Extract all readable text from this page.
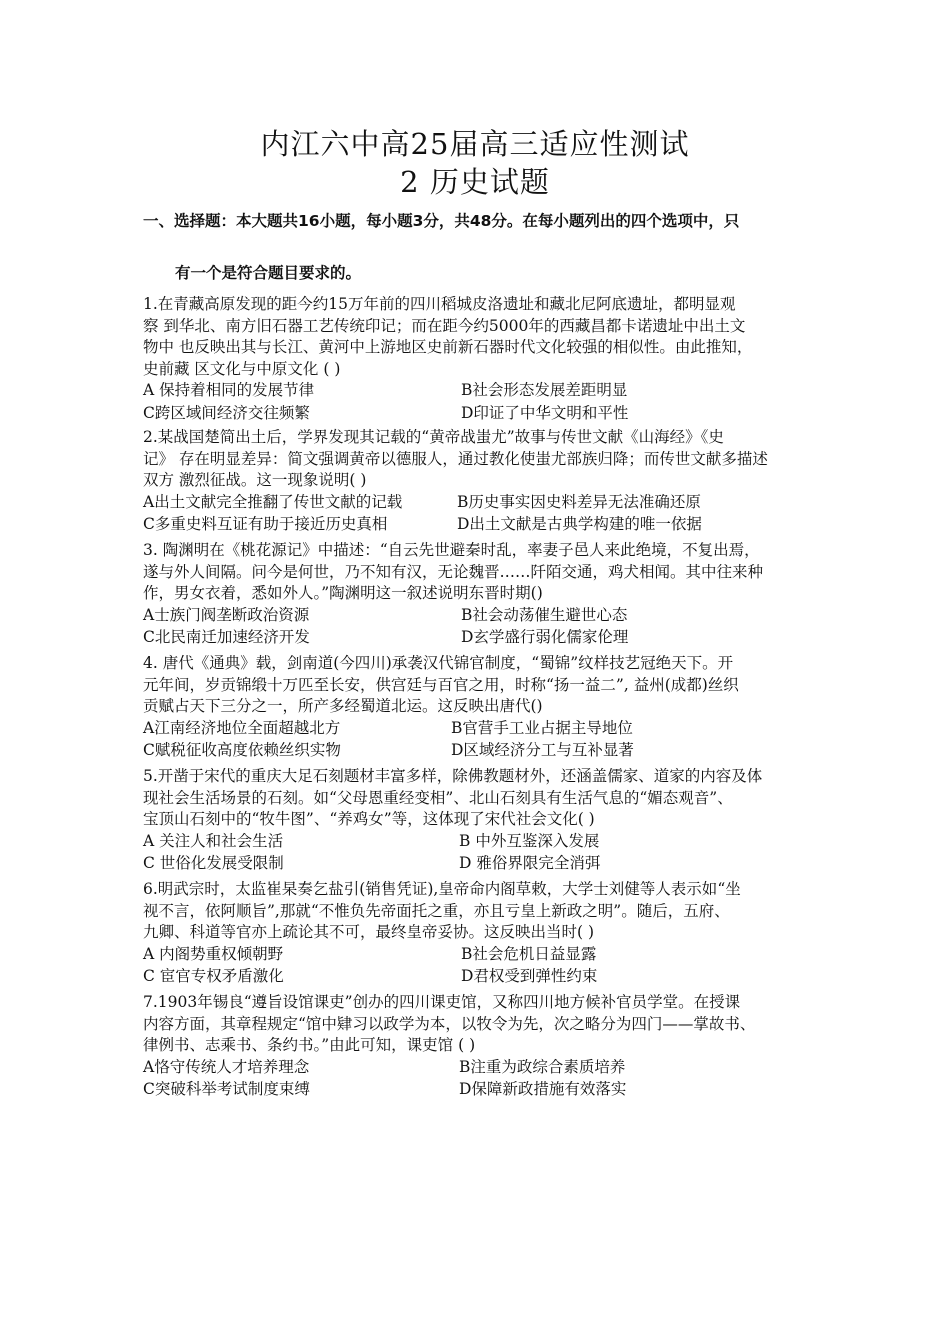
内江六中高25届高三适应性测试
2 历史试题
一、选择题：本大题共16小题，每小题3分，共48分。在每小题列出的四个选项中，只
有一个是符合题目要求的。

1.在青藏高原发现的距今约15万年前的四川稻城皮洛遗址和藏北尼阿底遗址，都明显观

察 到华北、南方旧石器工艺传统印记；而在距今约5000年的西藏昌都卡诺遗址中出土文

物中 也反映出其与长江、黄河中上游地区史前新石器时代文化较强的相似性。由此推知，

史前藏 区文化与中原文化 ( )

A 保持着相同的发展节律	B社会形态发展差距明显
C跨区域间经济交往频繁	D印证了中华文明和平性

2.某战国楚简出土后，学界发现其记载的“黄帝战蚩尤”故事与传世文献《山海经》《史

记》 存在明显差异：简文强调黄帝以德服人，通过教化使蚩尤部族归降；而传世文献多描述

双方 激烈征战。这一现象说明( )

A出土文献完全推翻了传世文献的记载	B历史事实因史料差异无法准确还原
C多重史料互证有助于接近历史真相	D出土文献是古典学构建的唯一依据

3. 陶渊明在《桃花源记》中描述：“自云先世避秦时乱，率妻子邑人来此绝境，不复出焉，

遂与外人间隔。问今是何世，乃不知有汉，无论魏晋……阡陌交通，鸡犬相闻。其中往来种

作，男女衣着，悉如外人。”陶渊明这一叙述说明东晋时期()

A士族门阀垄断政治资源	B社会动荡催生避世心态
C北民南迁加速经济开发	D玄学盛行弱化儒家伦理

4. 唐代《通典》载，剑南道(今四川)承袭汉代锦官制度，“蜀锦”纹样技艺冠绝天下。开

元年间，岁贡锦缎十万匹至长安，供宫廷与百官之用，时称“扬一益二”, 益州(成都)丝织

贡赋占天下三分之一，所产多经蜀道北运。这反映出唐代()

A江南经济地位全面超越北方	B官营手工业占据主导地位
C赋税征收高度依赖丝织实物	D区域经济分工与互补显著

5.开凿于宋代的重庆大足石刻题材丰富多样，除佛教题材外，还涵盖儒家、道家的内容及体

现社会生活场景的石刻。如“父母恩重经变相”、北山石刻具有生活气息的“媚态观音”、

宝顶山石刻中的“牧牛图”、“养鸡女”等，这体现了宋代社会文化( )

A 关注人和社会生活	B 中外互鉴深入发展
C 世俗化发展受限制	D 雅俗界限完全消弭

6.明武宗时，太监崔杲奏乞盐引(销售凭证),皇帝命内阁草敕，大学士刘健等人表示如“坐

视不言，依阿顺旨”,那就“不惟负先帝面托之重，亦且亏皇上新政之明”。随后，五府、

九卿、科道等官亦上疏论其不可，最终皇帝妥协。这反映出当时( )

A 内阁势重权倾朝野	B社会危机日益显露
C 宦官专权矛盾激化	D君权受到弹性约束

7.1903年锡良“遵旨设馆课吏”创办的四川课吏馆，又称四川地方候补官员学堂。在授课

内容方面，其章程规定“馆中肄习以政学为本，以牧令为先，次之略分为四门——掌故书、

律例书、志乘书、条约书。”由此可知，课吏馆 ( )

A恪守传统人才培养理念	B注重为政综合素质培养
C突破科举考试制度束缚	D保障新政措施有效落实
